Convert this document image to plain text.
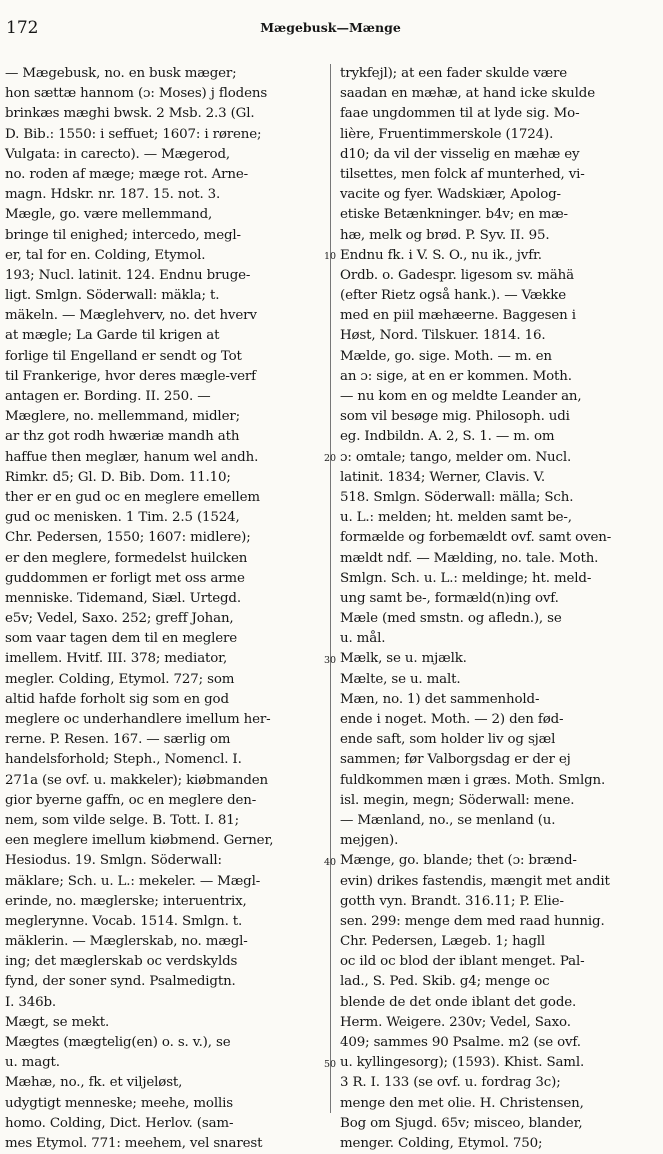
172	Mægebusk—Mænge
— Mægebusk, no. en busk mæger;
hon sættæ hannom (ɔ: Moses) j flodens
brinkæs mæghi bwsk. 2 Msb. 2.3 (Gl.
D. Bib.: 1550: i seffuet; 1607: i rørene;
Vulgata: in carecto). — Mægerod,
no. roden af mæge; mæge rot. Arne-
magn. Hdskr. nr. 187. 15. not. 3.
Mægle, go. være mellemmand,
bringe til enighed; intercedo, megl-
er, tal for en. Colding, Etymol.
193; Nucl. latinit. 124. Endnu bruge-
ligt. Smlgn. Söderwall: mäkla; t.
mäkeln. — Mæglehverv, no. det hverv
at mægle; La Garde til krigen at
forlige til Engelland er sendt og Tot
til Frankerige, hvor deres mægle-verf
antagen er. Bording. II. 250. —
Mæglere, no. mellemmand, midler;
ar thz got rodh hwæriæ mandh ath
haffue then meglær, hanum wel andh.
Rimkr. d5; Gl. D. Bib. Dom. 11.10;
ther er en gud oc en meglere emellem
gud oc menisken. 1 Tim. 2.5 (1524,
Chr. Pedersen, 1550; 1607: midlere);
er den meglere, formedelst huilcken
guddommen er forligt met oss arme
menniske. Tidemand, Siæl. Urtegd.
e5v; Vedel, Saxo. 252; greff Johan,
som vaar tagen dem til en meglere
imellem. Hvitf. III. 378; mediator,
megler. Colding, Etymol. 727; som
altid hafde forholt sig som en god
meglere oc underhandlere imellum her-
rerne. P. Resen. 167. — særlig om
handelsforhold; Steph., Nomencl. I.
271a (se ovf. u. makkeler); kiøbmanden
gior byerne gaffn, oc en meglere den-
nem, som vilde selge. B. Tott. I. 81;
een meglere imellum kiøbmend. Gerner,
Hesiodus. 19. Smlgn. Söderwall:
mäklare; Sch. u. L.: mekeler. — Mægl-
erinde, no. mæglerske; interuentrix,
meglerynne. Vocab. 1514. Smlgn. t.
mäklerin. — Mæglerskab, no. mægl-
ing; det mæglerskab oc verdskylds
fynd, der soner synd. Psalmedigtn.
I. 346b.
Mægt, se mekt.
Mægtes (mægtelig(en) o. s. v.), se
u. magt.
Mæhæ, no., fk. et viljeløst,
udygtigt menneske; meehe, mollis
homo. Colding, Dict. Herlov. (sam-
mes Etymol. 771: meehem, vel snarest
trykfejl); at een fader skulde være
saadan en mæhæ, at hand icke skulde
faae ungdommen til at lyde sig. Mo-
lière, Fruentimmerskole (1724).
d10; da vil der visselig en mæhæ ey
tilsettes, men folck af munterhed, vi-
vacite og fyer. Wadskiær, Apolog-
etiske Betænkninger. b4v; en mæ-
hæ, melk og brød. P. Syv. II. 95.
Endnu fk. i V. S. O., nu ik., jvfr.
Ordb. o. Gadespr. ligesom sv. mähä
(efter Rietz også hank.). — Vække
med en piil mæhæerne. Baggesen i
Høst, Nord. Tilskuer. 1814. 16.
Mælde, go. sige. Moth. — m. en
an ɔ: sige, at en er kommen. Moth.
— nu kom en og meldte Leander an,
som vil besøge mig. Philosoph. udi
eg. Indbildn. A. 2, S. 1. — m. om
ɔ: omtale; tango, melder om. Nucl.
latinit. 1834; Werner, Clavis. V.
518. Smlgn. Söderwall: mälla; Sch.
u. L.: melden; ht. melden samt be-,
formælde og forbemældt ovf. samt oven-
mældt ndf. — Mælding, no. tale. Moth.
Smlgn. Sch. u. L.: meldinge; ht. meld-
ung samt be-, formæld(n)ing ovf.
Mæle (med smstn. og afledn.), se
u. mål.
Mælk, se u. mjælk.
Mælte, se u. malt.
Mæn, no. 1) det sammenhold-
ende i noget. Moth. — 2) den fød-
ende saft, som holder liv og sjæl
sammen; før Valborgsdag er der ej
fuldkommen mæn i græs. Moth. Smlgn.
isl. megin, megn; Söderwall: mene.
— Mænland, no., se menland (u.
mejgen).
Mænge, go. blande; thet (ɔ: brænd-
evin) drikes fastendis, mængit met andit
gotth vyn. Brandt. 316.11; P. Elie-
sen. 299: menge dem med raad hunnig.
Chr. Pedersen, Lægeb. 1; hagll
oc ild oc blod der iblant menget. Pal-
lad., S. Ped. Skib. g4; menge oc
blende de det onde iblant det gode.
Herm. Weigere. 230v; Vedel, Saxo.
409; sammes 90 Psalme. m2 (se ovf.
u. kyllingesorg); (1593). Khist. Saml.
3 R. I. 133 (se ovf. u. fordrag 3c);
menge den met olie. H. Christensen,
Bog om Sjugd. 65v; misceo, blander,
menger. Colding, Etymol. 750;
10
20
30
40
50
